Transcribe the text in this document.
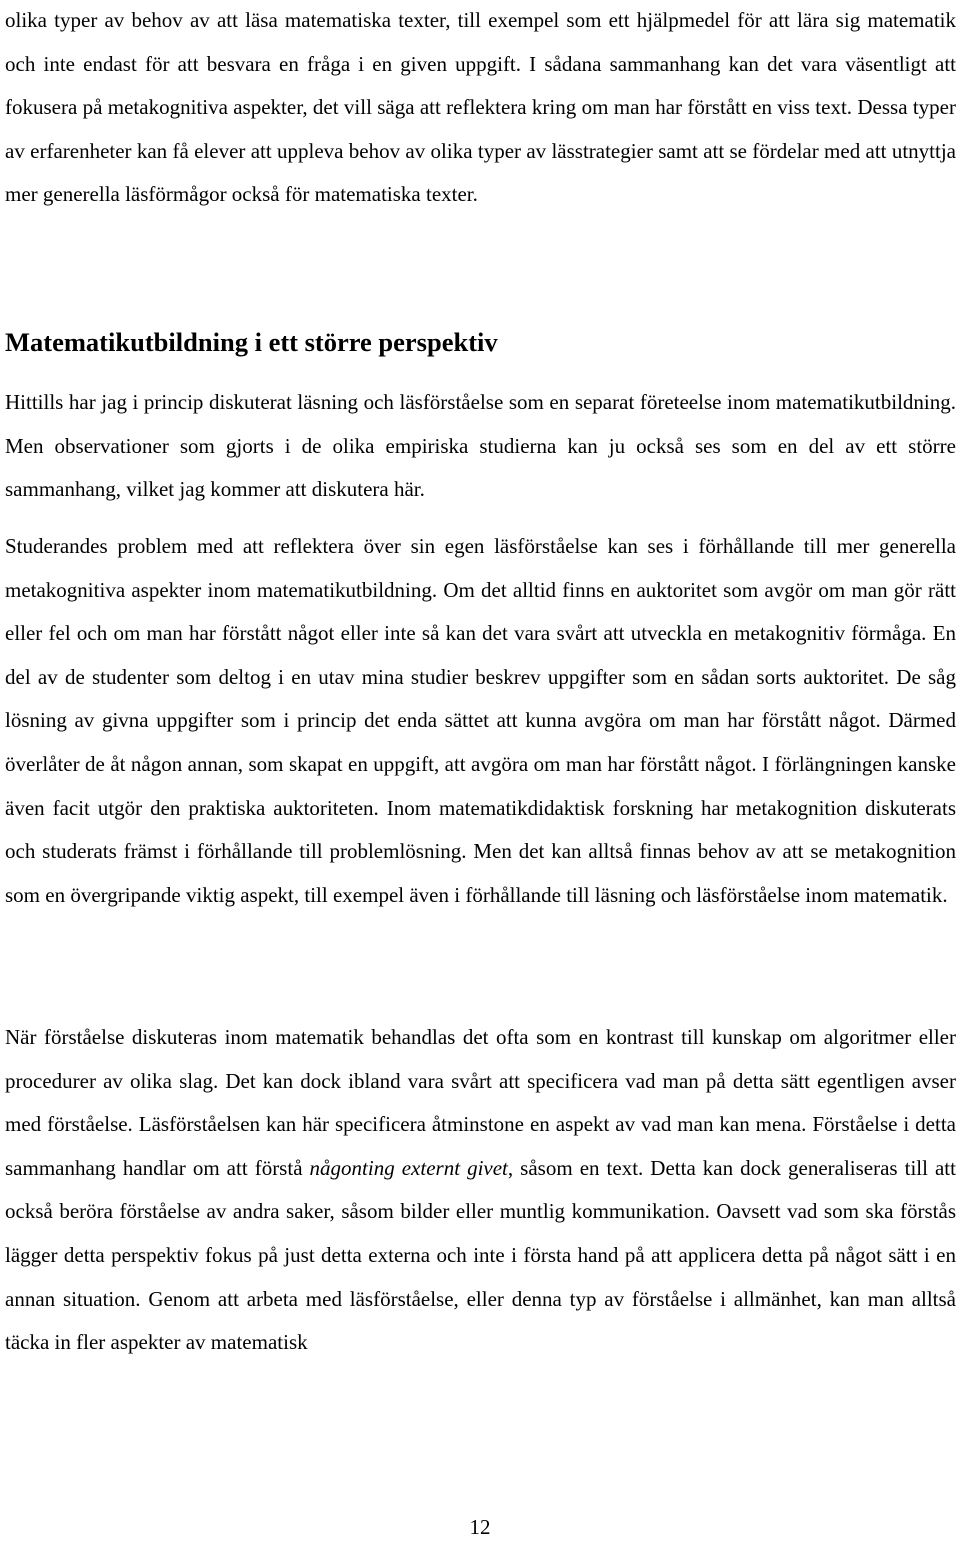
olika typer av behov av att läsa matematiska texter, till exempel som ett hjälpmedel för att lära sig matematik och inte endast för att besvara en fråga i en given uppgift. I sådana sammanhang kan det vara väsentligt att fokusera på metakognitiva aspekter, det vill säga att reflektera kring om man har förstått en viss text. Dessa typer av erfarenheter kan få elever att uppleva behov av olika typer av lässtrategier samt att se fördelar med att utnyttja mer generella läsförmågor också för matematiska texter.

Matematikutbildning i ett större perspektiv

Hittills har jag i princip diskuterat läsning och läsförståelse som en separat företeelse inom matematikutbildning. Men observationer som gjorts i de olika empiriska studierna kan ju också ses som en del av ett större sammanhang, vilket jag kommer att diskutera här.

Studerandes problem med att reflektera över sin egen läsförståelse kan ses i förhållande till mer generella metakognitiva aspekter inom matematikutbildning. Om det alltid finns en auktoritet som avgör om man gör rätt eller fel och om man har förstått något eller inte så kan det vara svårt att utveckla en metakognitiv förmåga. En del av de studenter som deltog i en utav mina studier beskrev uppgifter som en sådan sorts auktoritet. De såg lösning av givna uppgifter som i princip det enda sättet att kunna avgöra om man har förstått något. Därmed överlåter de åt någon annan, som skapat en uppgift, att avgöra om man har förstått något. I förlängningen kanske även facit utgör den praktiska auktoriteten. Inom matematikdidaktisk forskning har metakognition diskuterats och studerats främst i förhållande till problemlösning. Men det kan alltså finnas behov av att se metakognition som en övergripande viktig aspekt, till exempel även i förhållande till läsning och läsförståelse inom matematik.

När förståelse diskuteras inom matematik behandlas det ofta som en kontrast till kunskap om algoritmer eller procedurer av olika slag. Det kan dock ibland vara svårt att specificera vad man på detta sätt egentligen avser med förståelse. Läsförståelsen kan här specificera åtminstone en aspekt av vad man kan mena. Förståelse i detta sammanhang handlar om att förstå någonting externt givet, såsom en text. Detta kan dock generaliseras till att också beröra förståelse av andra saker, såsom bilder eller muntlig kommunikation. Oavsett vad som ska förstås lägger detta perspektiv fokus på just detta externa och inte i första hand på att applicera detta på något sätt i en annan situation. Genom att arbeta med läsförståelse, eller denna typ av förståelse i allmänhet, kan man alltså täcka in fler aspekter av matematisk

12
